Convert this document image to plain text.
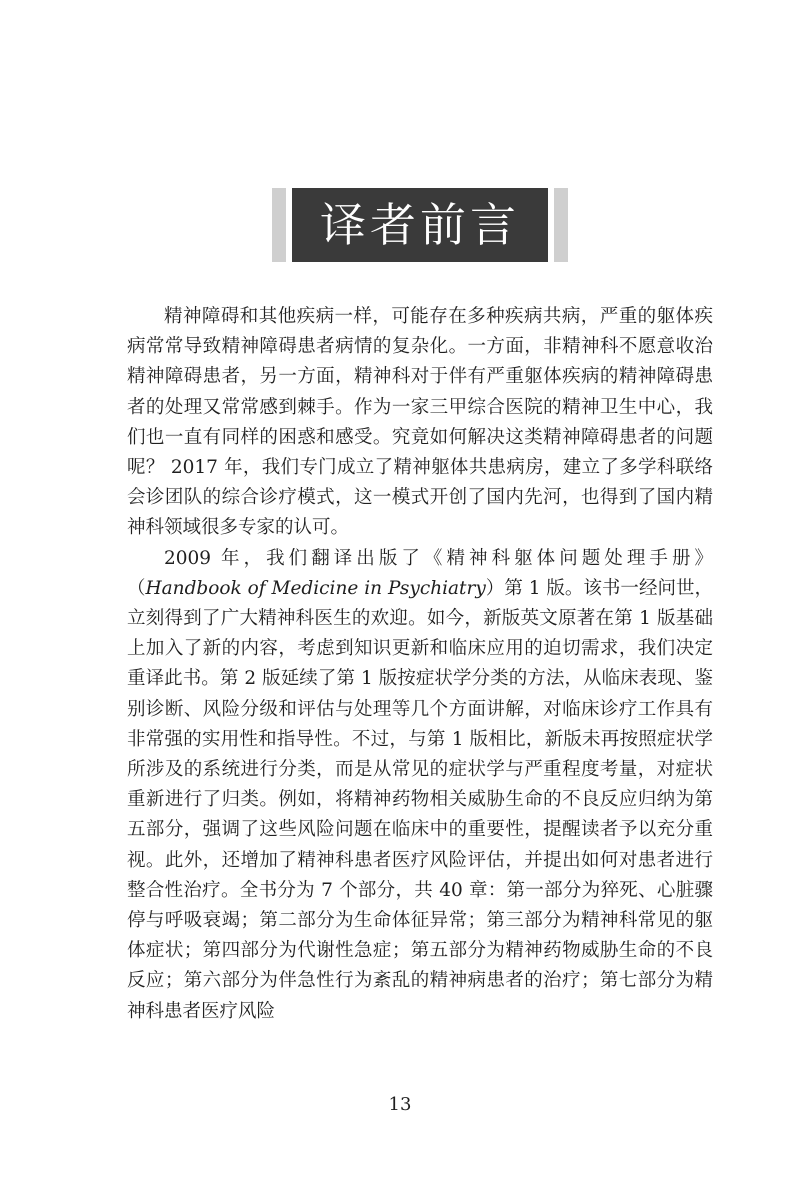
译者前言

精神障碍和其他疾病一样，可能存在多种疾病共病，严重的躯体疾病常常导致精神障碍患者病情的复杂化。一方面，非精神科不愿意收治精神障碍患者，另一方面，精神科对于伴有严重躯体疾病的精神障碍患者的处理又常常感到棘手。作为一家三甲综合医院的精神卫生中心，我们也一直有同样的困惑和感受。究竟如何解决这类精神障碍患者的问题呢？ 2017 年，我们专门成立了精神躯体共患病房，建立了多学科联络会诊团队的综合诊疗模式，这一模式开创了国内先河，也得到了国内精神科领域很多专家的认可。

2009 年，我们翻译出版了《精神科躯体问题处理手册》（Handbook of Medicine in Psychiatry）第 1 版。该书一经问世，立刻得到了广大精神科医生的欢迎。如今，新版英文原著在第 1 版基础上加入了新的内容，考虑到知识更新和临床应用的迫切需求，我们决定重译此书。第 2 版延续了第 1 版按症状学分类的方法，从临床表现、鉴别诊断、风险分级和评估与处理等几个方面讲解，对临床诊疗工作具有非常强的实用性和指导性。不过，与第 1 版相比，新版未再按照症状学所涉及的系统进行分类，而是从常见的症状学与严重程度考量，对症状重新进行了归类。例如，将精神药物相关威胁生命的不良反应归纳为第五部分，强调了这些风险问题在临床中的重要性，提醒读者予以充分重视。此外，还增加了精神科患者医疗风险评估，并提出如何对患者进行整合性治疗。全书分为 7 个部分，共 40 章：第一部分为猝死、心脏骤停与呼吸衰竭；第二部分为生命体征异常；第三部分为精神科常见的躯体症状；第四部分为代谢性急症；第五部分为精神药物威胁生命的不良反应；第六部分为伴急性行为紊乱的精神病患者的治疗；第七部分为精神科患者医疗风险

13
